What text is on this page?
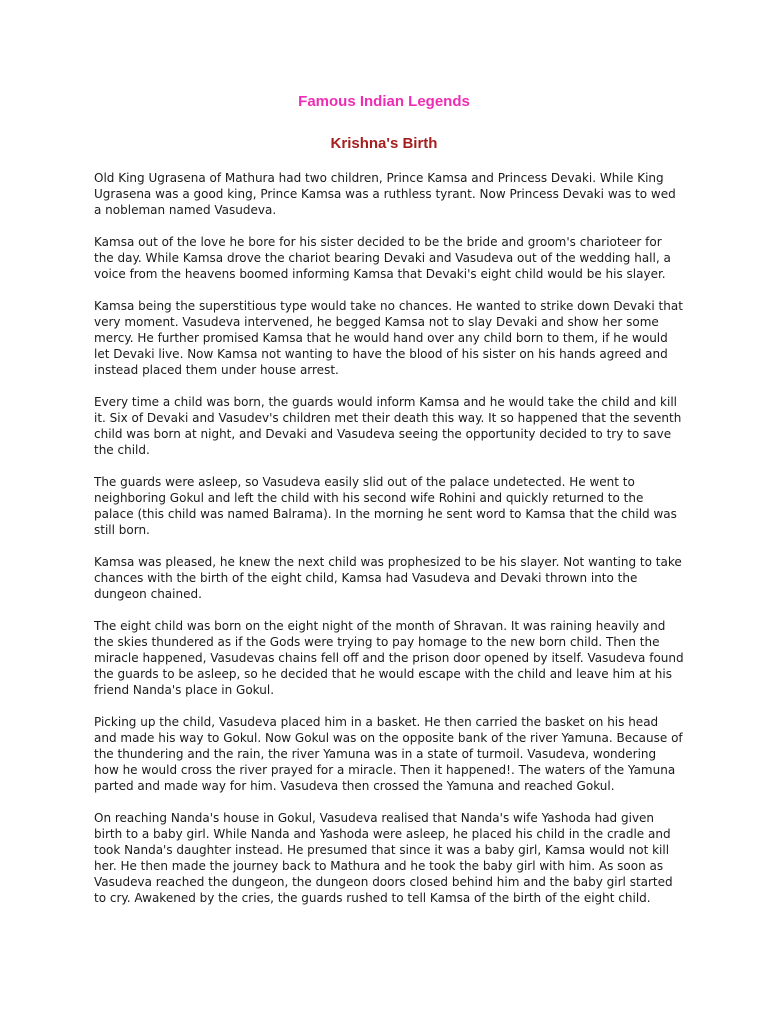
Famous Indian Legends
Krishna's Birth

Old King Ugrasena of Mathura had two children, Prince Kamsa and Princess Devaki. While King Ugrasena was a good king, Prince Kamsa was a ruthless tyrant. Now Princess Devaki was to wed a nobleman named Vasudeva.

Kamsa out of the love he bore for his sister decided to be the bride and groom's charioteer for the day. While Kamsa drove the chariot bearing Devaki and Vasudeva out of the wedding hall, a voice from the heavens boomed informing Kamsa that Devaki's eight child would be his slayer.

Kamsa being the superstitious type would take no chances. He wanted to strike down Devaki that very moment. Vasudeva intervened, he begged Kamsa not to slay Devaki and show her some mercy. He further promised Kamsa that he would hand over any child born to them, if he would let Devaki live. Now Kamsa not wanting to have the blood of his sister on his hands agreed and instead placed them under house arrest.

Every time a child was born, the guards would inform Kamsa and he would take the child and kill it. Six of Devaki and Vasudev's children met their death this way. It so happened that the seventh child was born at night, and Devaki and Vasudeva seeing the opportunity decided to try to save the child.

The guards were asleep, so Vasudeva easily slid out of the palace undetected. He went to neighboring Gokul and left the child with his second wife Rohini and quickly returned to the palace (this child was named Balrama). In the morning he sent word to Kamsa that the child was still born.

Kamsa was pleased, he knew the next child was prophesized to be his slayer. Not wanting to take chances with the birth of the eight child, Kamsa had Vasudeva and Devaki thrown into the dungeon chained.

The eight child was born on the eight night of the month of Shravan. It was raining heavily and the skies thundered as if the Gods were trying to pay homage to the new born child. Then the miracle happened, Vasudevas chains fell off and the prison door opened by itself. Vasudeva found the guards to be asleep, so he decided that he would escape with the child and leave him at his friend Nanda's place in Gokul.

Picking up the child, Vasudeva placed him in a basket. He then carried the basket on his head and made his way to Gokul. Now Gokul was on the opposite bank of the river Yamuna. Because of the thundering and the rain, the river Yamuna was in a state of turmoil. Vasudeva, wondering how he would cross the river prayed for a miracle. Then it happened!. The waters of the Yamuna parted and made way for him. Vasudeva then crossed the Yamuna and reached Gokul.

On reaching Nanda's house in Gokul, Vasudeva realised that Nanda's wife Yashoda had given birth to a baby girl. While Nanda and Yashoda were asleep, he placed his child in the cradle and took Nanda's daughter instead. He presumed that since it was a baby girl, Kamsa would not kill her. He then made the journey back to Mathura and he took the baby girl with him. As soon as Vasudeva reached the dungeon, the dungeon doors closed behind him and the baby girl started to cry. Awakened by the cries, the guards rushed to tell Kamsa of the birth of the eight child.
